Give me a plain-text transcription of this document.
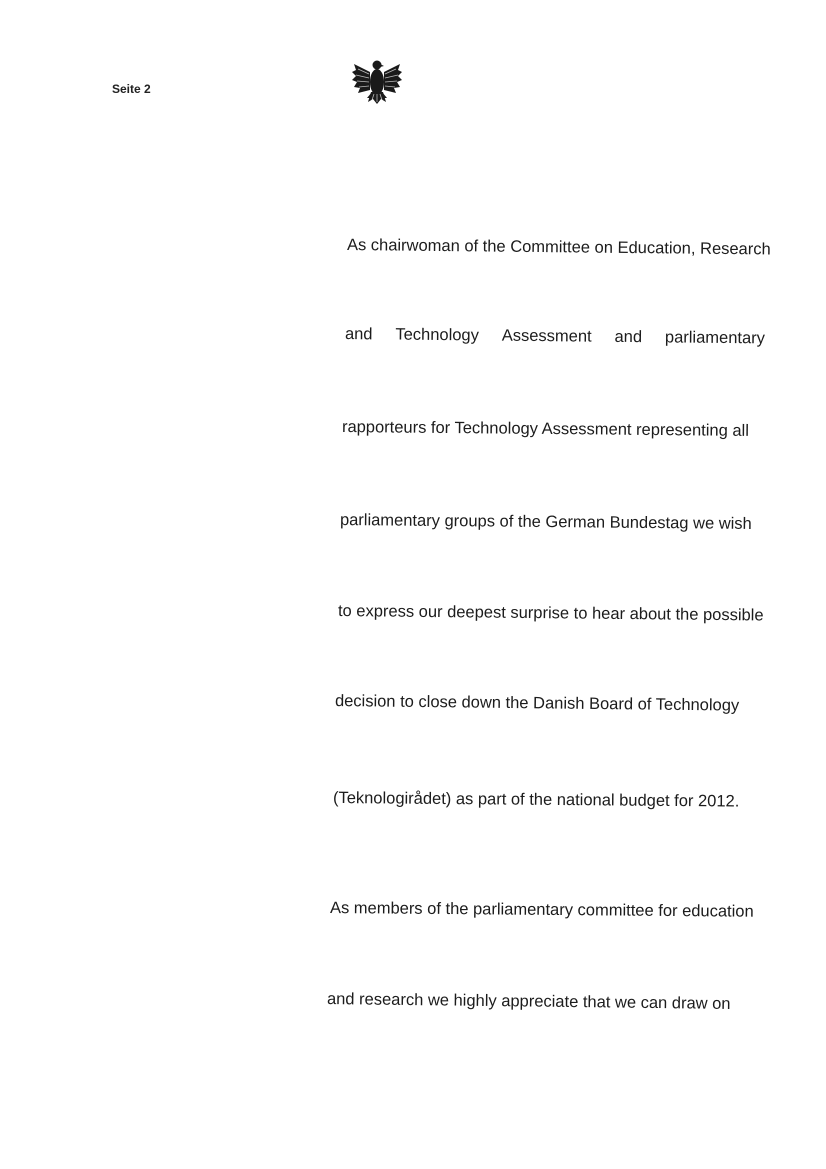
Seite 2
As chairwoman of the Committee on Education, Research
and Technology Assessment and parliamentary
rapporteurs for Technology Assessment representing all
parliamentary groups of the German Bundestag we wish
to express our deepest surprise to hear about the possible
decision to close down the Danish Board of Technology
(Teknologirådet) as part of the national budget for 2012.
As members of the parliamentary committee for education
and research we highly appreciate that we can draw on
